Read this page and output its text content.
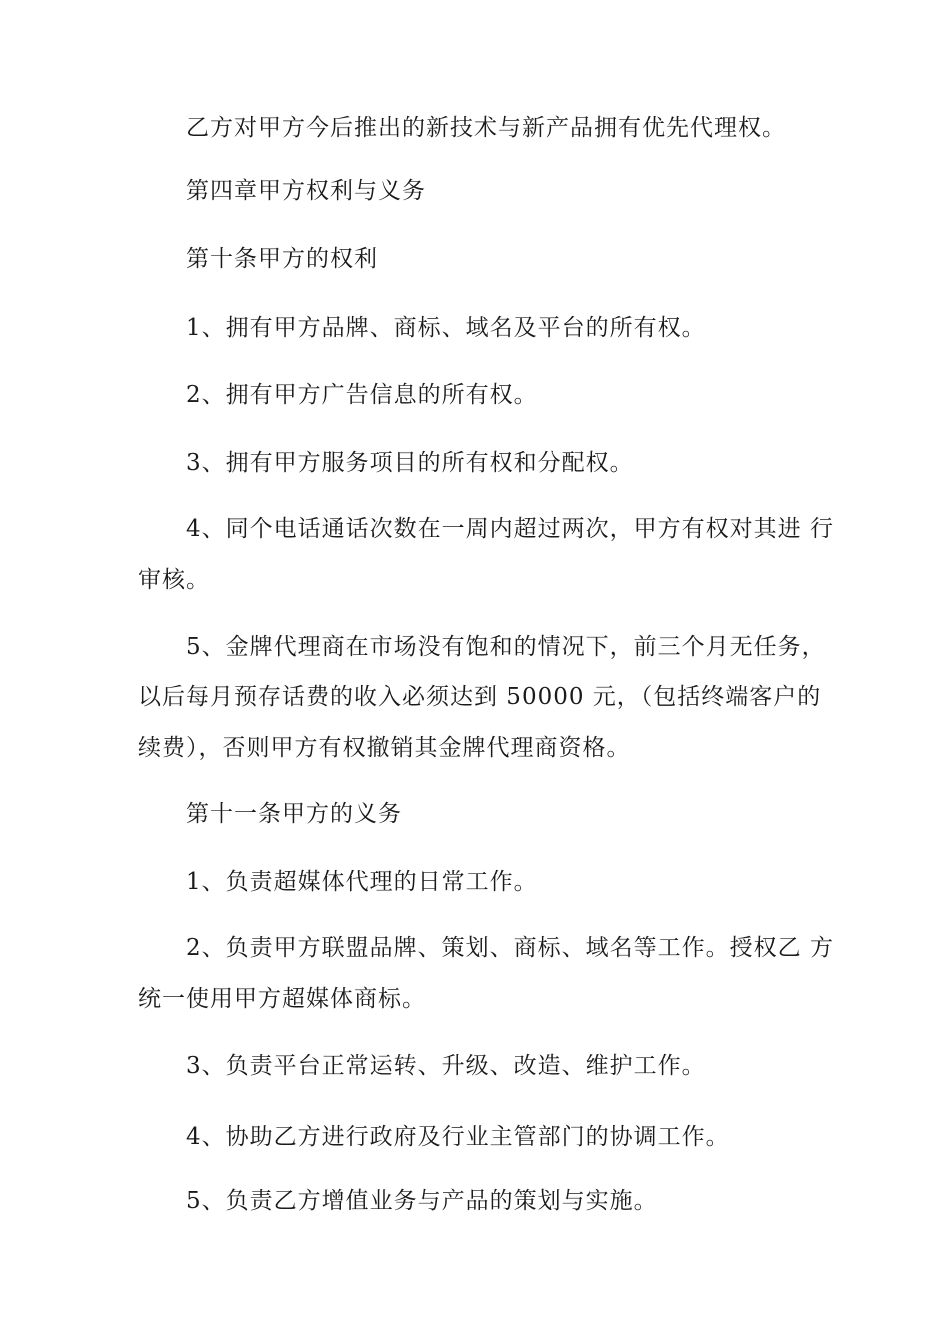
乙方对甲方今后推出的新技术与新产品拥有优先代理权。
第四章甲方权利与义务
第十条甲方的权利
1、拥有甲方品牌、商标、域名及平台的所有权。
2、拥有甲方广告信息的所有权。
3、拥有甲方服务项目的所有权和分配权。
4、同个电话通话次数在一周内超过两次，甲方有权对其进 行
审核。
5、金牌代理商在市场没有饱和的情况下，前三个月无任务，
以后每月预存话费的收入必须达到 50000 元，（包括终端客户的
续费），否则甲方有权撤销其金牌代理商资格。
第十一条甲方的义务
1、负责超媒体代理的日常工作。
2、负责甲方联盟品牌、策划、商标、域名等工作。授权乙 方
统一使用甲方超媒体商标。
3、负责平台正常运转、升级、改造、维护工作。
4、协助乙方进行政府及行业主管部门的协调工作。
5、负责乙方增值业务与产品的策划与实施。
